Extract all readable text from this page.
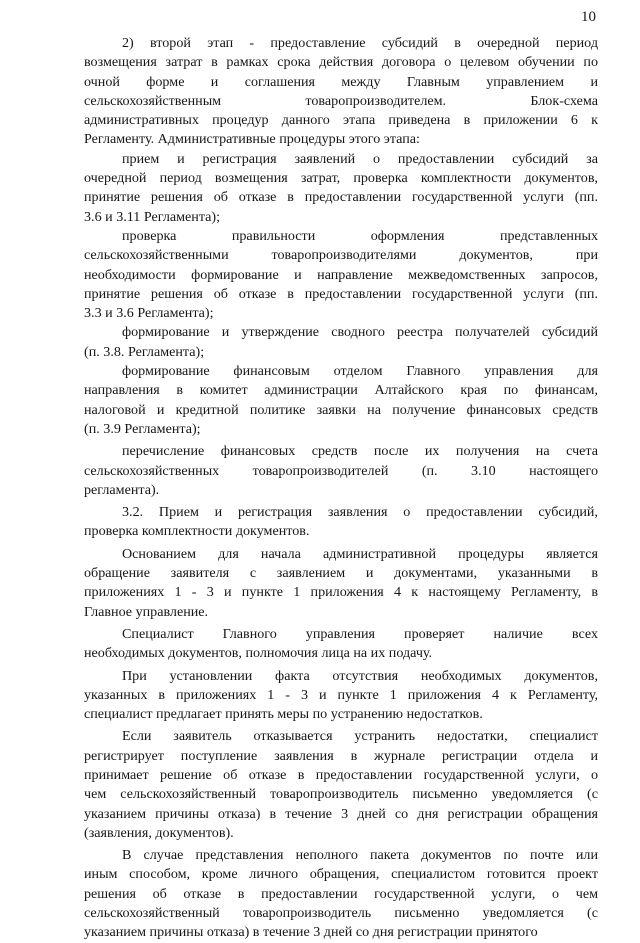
10
2) второй этап - предоставление субсидий в очередной период
возмещения затрат в рамках срока действия договора о целевом обучении по
очной форме и соглашения между Главным управлением и
сельскохозяйственным товаропроизводителем. Блок-схема
административных процедур данного этапа приведена в приложении 6 к
Регламенту. Административные процедуры этого этапа:
прием и регистрация заявлений о предоставлении субсидий за
очередной период возмещения затрат, проверка комплектности документов,
принятие решения об отказе в предоставлении государственной услуги (пп.
3.6 и 3.11 Регламента);
проверка правильности оформления представленных
сельскохозяйственными товаропроизводителями документов, при
необходимости формирование и направление межведомственных запросов,
принятие решения об отказе в предоставлении государственной услуги (пп.
3.3 и 3.6 Регламента);
формирование и утверждение сводного реестра получателей субсидий
(п. 3.8. Регламента);
формирование финансовым отделом Главного управления для
направления в комитет администрации Алтайского края по финансам,
налоговой и кредитной политике заявки на получение финансовых средств
(п. 3.9 Регламента);
перечисление финансовых средств после их получения на счета
сельскохозяйственных товаропроизводителей (п. 3.10 настоящего
регламента).
3.2. Прием и регистрация заявления о предоставлении субсидий,
проверка комплектности документов.
Основанием для начала административной процедуры является
обращение заявителя с заявлением и документами, указанными в
приложениях 1 - 3 и пункте 1 приложения 4 к настоящему Регламенту, в
Главное управление.
Специалист Главного управления проверяет наличие всех
необходимых документов, полномочия лица на их подачу.
При установлении факта отсутствия необходимых документов,
указанных в приложениях 1 - 3 и пункте 1 приложения 4 к Регламенту,
специалист предлагает принять меры по устранению недостатков.
Если заявитель отказывается устранить недостатки, специалист
регистрирует поступление заявления в журнале регистрации отдела и
принимает решение об отказе в предоставлении государственной услуги, о
чем сельскохозяйственный товаропроизводитель письменно уведомляется (с
указанием причины отказа) в течение 3 дней со дня регистрации обращения
(заявления, документов).
В случае представления неполного пакета документов по почте или
иным способом, кроме личного обращения, специалистом готовится проект
решения об отказе в предоставлении государственной услуги, о чем
сельскохозяйственный товаропроизводитель письменно уведомляется (с
указанием причины отказа) в течение 3 дней со дня регистрации принятого
